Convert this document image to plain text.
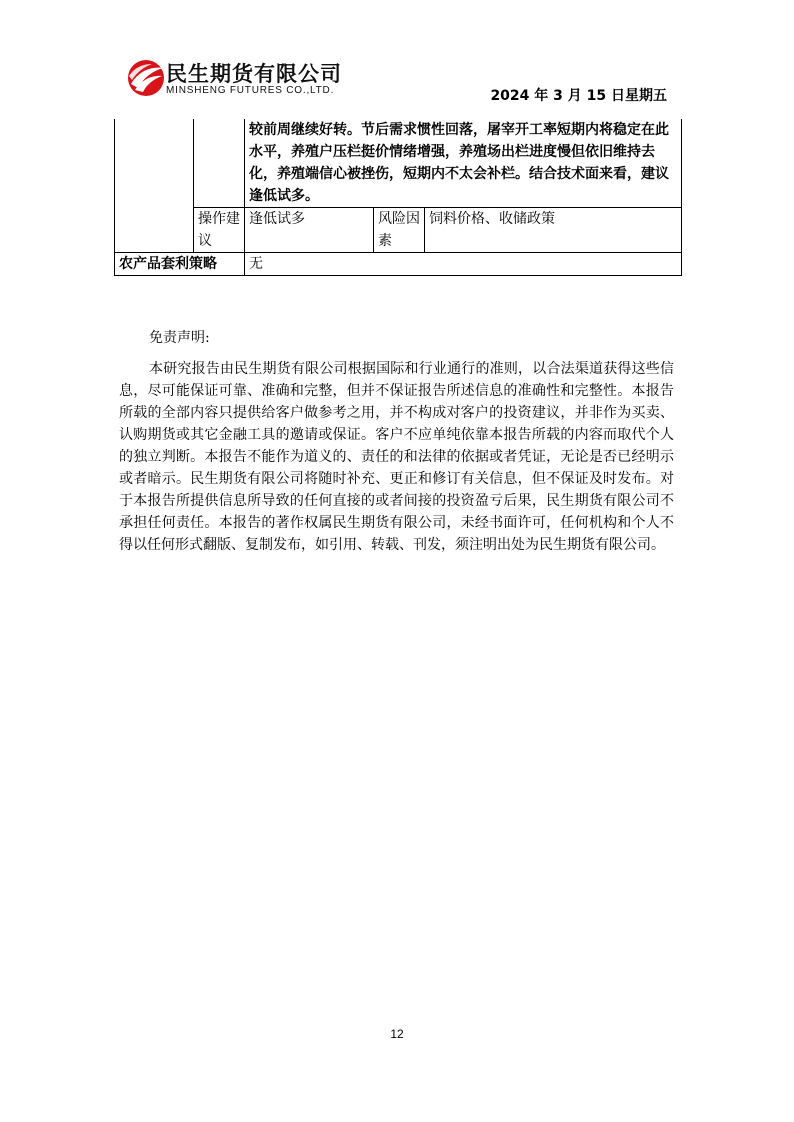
民生期货有限公司
MINSHENG FUTURES CO.,LTD.	2024 年 3 月 15 日星期五
		较前周继续好转。节后需求惯性回落，屠宰开工率短期内将稳定在此水平，养殖户压栏挺价情绪增强，养殖场出栏进度慢但依旧维持去化，养殖端信心被挫伤，短期内不太会补栏。结合技术面来看，建议逢低试多。		
	操作建议	逢低试多	风险因素	饲料价格、收储政策
农产品套利策略		无		
免责声明:

本研究报告由民生期货有限公司根据国际和行业通行的准则，以合法渠道获得这些信息，尽可能保证可靠、准确和完整，但并不保证报告所述信息的准确性和完整性。本报告所载的全部内容只提供给客户做参考之用，并不构成对客户的投资建议，并非作为买卖、认购期货或其它金融工具的邀请或保证。客户不应单纯依靠本报告所载的内容而取代个人的独立判断。本报告不能作为道义的、责任的和法律的依据或者凭证，无论是否已经明示或者暗示。民生期货有限公司将随时补充、更正和修订有关信息，但不保证及时发布。对于本报告所提供信息所导致的任何直接的或者间接的投资盈亏后果，民生期货有限公司不承担任何责任。本报告的著作权属民生期货有限公司，未经书面许可，任何机构和个人不得以任何形式翻版、复制发布，如引用、转载、刊发，须注明出处为民生期货有限公司。

12
